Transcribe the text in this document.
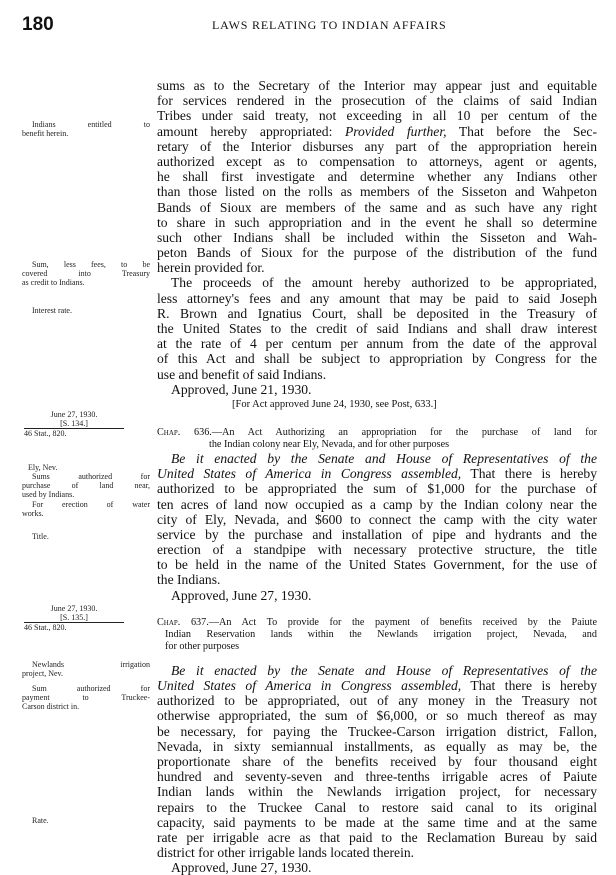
180	LAWS RELATING TO INDIAN AFFAIRS
Indians entitled to
benefit herein.
Sum, less fees, to be
covered into Treasury
as credit to Indians.
Interest rate.
June 27, 1930.
[S. 134.]
46 Stat., 820.
Ely, Nev.
Sums authorized for
purchase of land near,
used by Indians.
For erection of water
works.
Title.
June 27, 1930.
[S. 135.]
46 Stat., 820.
Newlands irrigation
project, Nev.
Sum authorized for
payment to Truckee-
Carson district in.
Rate.
sums as to the Secretary of the Interior may appear just and equitable
for services rendered in the prosecution of the claims of said Indian
Tribes under said treaty, not exceeding in all 10 per centum of the
amount hereby appropriated: Provided further, That before the Sec-
retary of the Interior disburses any part of the appropriation herein
authorized except as to compensation to attorneys, agent or agents,
he shall first investigate and determine whether any Indians other
than those listed on the rolls as members of the Sisseton and Wahpeton
Bands of Sioux are members of the same and as such have any right
to share in such appropriation and in the event he shall so determine
such other Indians shall be included within the Sisseton and Wah-
peton Bands of Sioux for the purpose of the distribution of the fund
herein provided for.
The proceeds of the amount hereby authorized to be appropriated,
less attorney's fees and any amount that may be paid to said Joseph
R. Brown and Ignatius Court, shall be deposited in the Treasury of
the United States to the credit of said Indians and shall draw interest
at the rate of 4 per centum per annum from the date of the approval
of this Act and shall be subject to appropriation by Congress for the
use and benefit of said Indians.
Approved, June 21, 1930.
[For Act approved June 24, 1930, see Post, 633.]
Chap. 636.—An Act Authorizing an appropriation for the purchase of land for
the Indian colony near Ely, Nevada, and for other purposes
Be it enacted by the Senate and House of Representatives of the
United States of America in Congress assembled, That there is hereby
authorized to be appropriated the sum of $1,000 for the purchase of
ten acres of land now occupied as a camp by the Indian colony near the
city of Ely, Nevada, and $600 to connect the camp with the city water
service by the purchase and installation of pipe and hydrants and the
erection of a standpipe with necessary protective structure, the title
to be held in the name of the United States Government, for the use of
the Indians.
Approved, June 27, 1930.
Chap. 637.—An Act To provide for the payment of benefits received by the Paiute
Indian Reservation lands within the Newlands irrigation project, Nevada, and
for other purposes
Be it enacted by the Senate and House of Representatives of the
United States of America in Congress assembled, That there is hereby
authorized to be appropriated, out of any money in the Treasury not
otherwise appropriated, the sum of $6,000, or so much thereof as may
be necessary, for paying the Truckee-Carson irrigation district, Fallon,
Nevada, in sixty semiannual installments, as equally as may be, the
proportionate share of the benefits received by four thousand eight
hundred and seventy-seven and three-tenths irrigable acres of Paiute
Indian lands within the Newlands irrigation project, for necessary
repairs to the Truckee Canal to restore said canal to its original
capacity, said payments to be made at the same time and at the same
rate per irrigable acre as that paid to the Reclamation Bureau by said
district for other irrigable lands located therein.
Approved, June 27, 1930.
